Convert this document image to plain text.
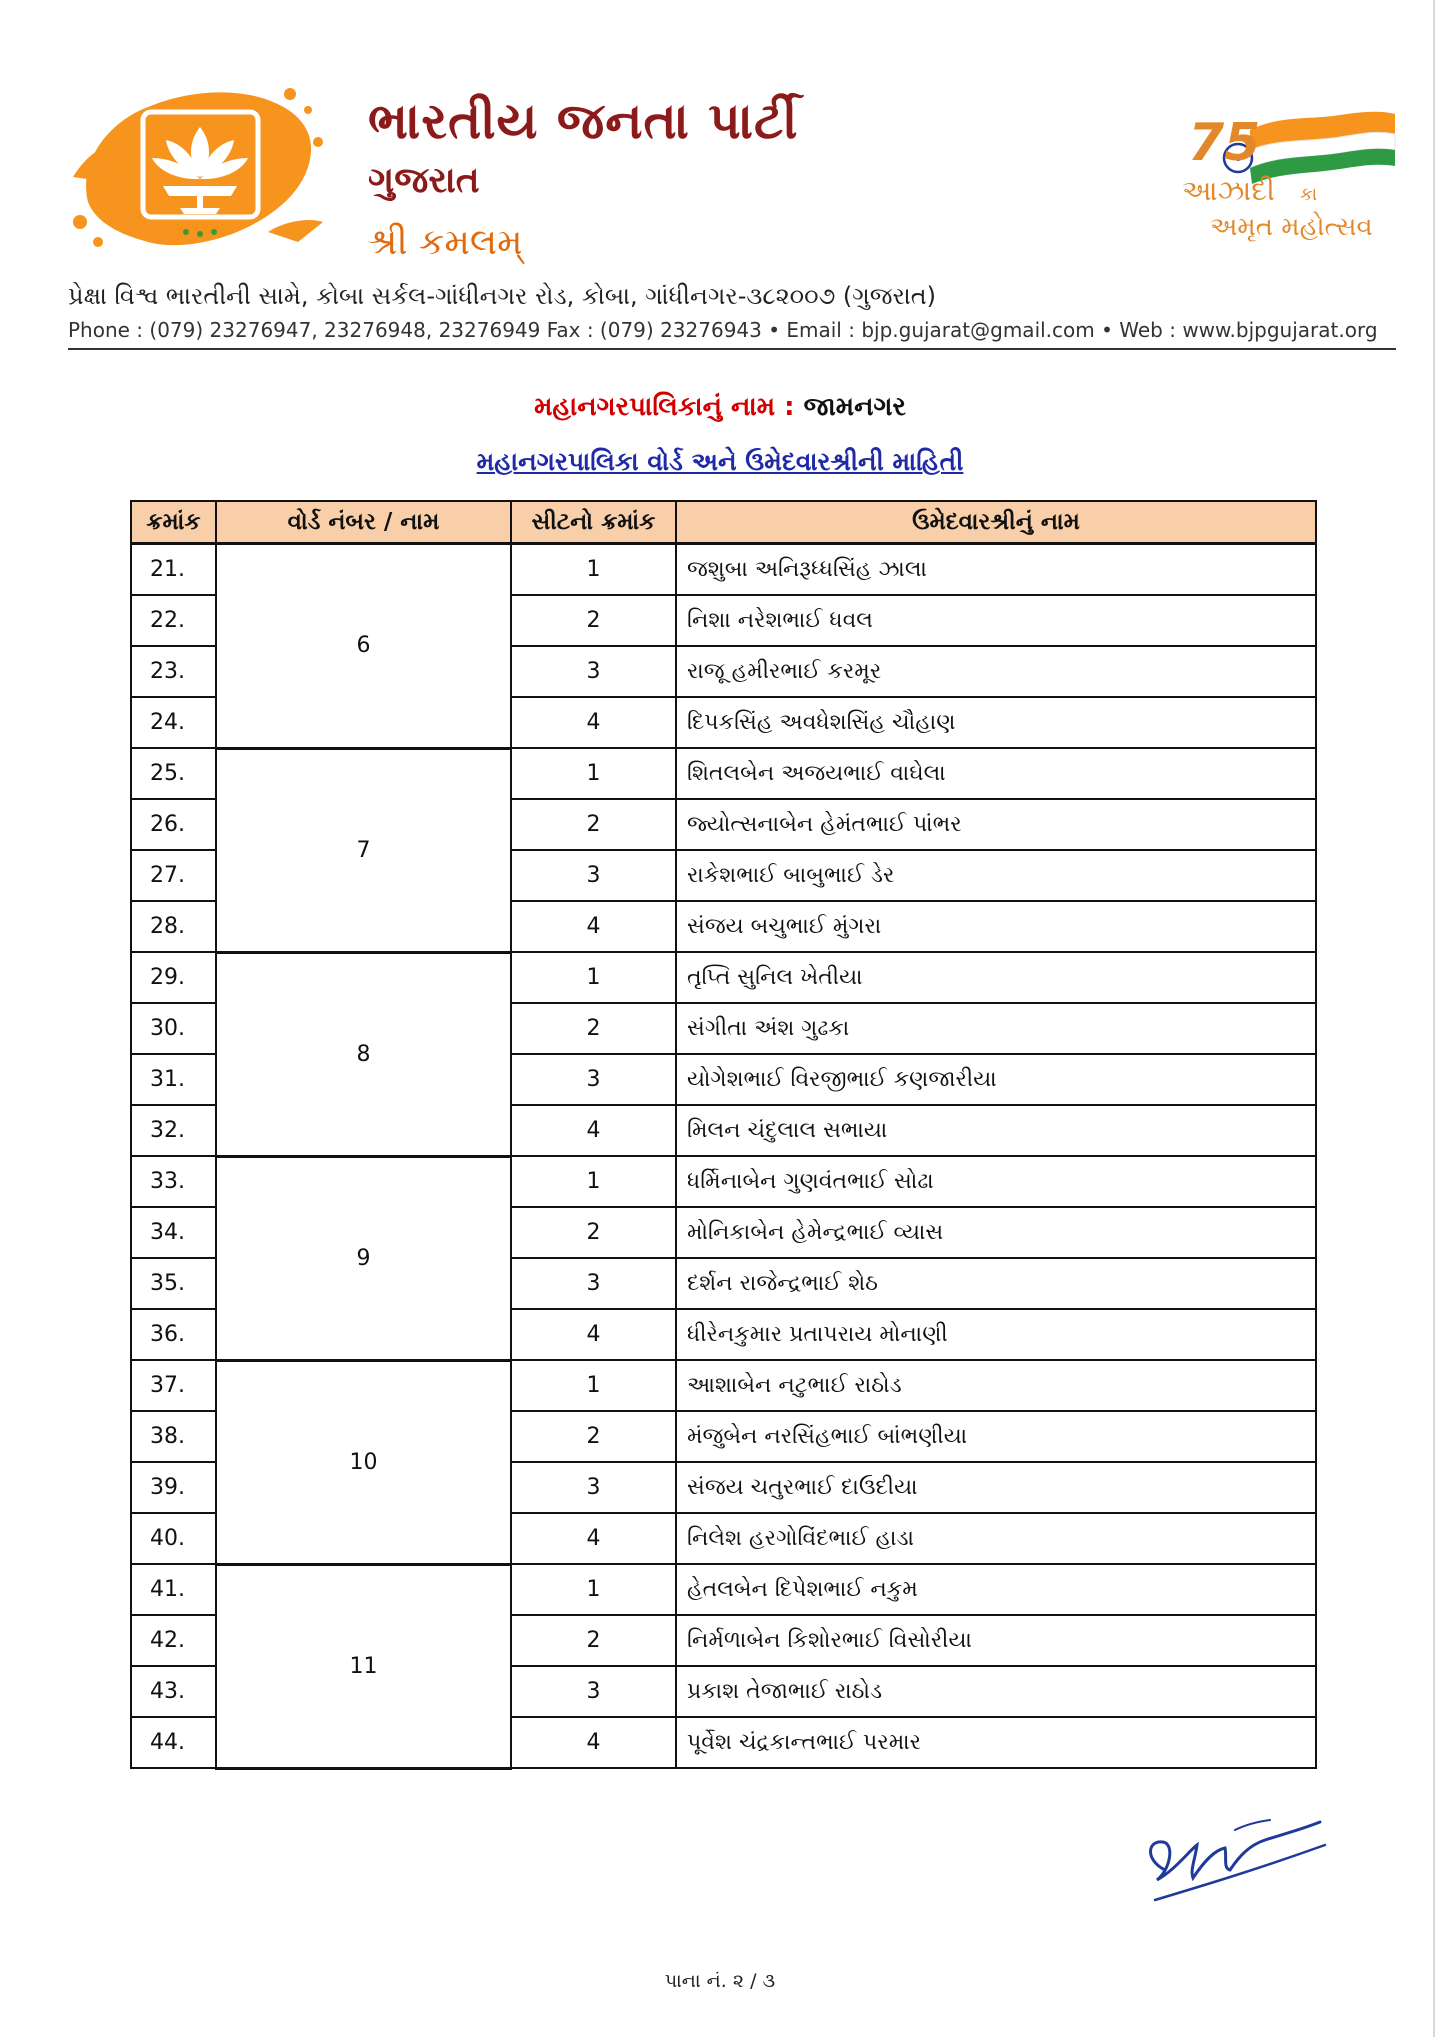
ભારતીય જનતા પાર્ટી
ગુજરાત
શ્રી કમલમ્
75
આઝાદી કા
અમૃત મહોત્સવ
પ્રેક્ષા વિશ્વ ભારતીની સામે, કોબા સર્કલ-ગાંધીનગર રોડ, કોબા, ગાંધીનગર-૩૮૨૦૦૭ (ગુજરાત)
Phone : (079) 23276947, 23276948, 23276949 Fax : (079) 23276943 • Email : bjp.gujarat@gmail.com • Web : www.bjpgujarat.org
મહાનગરપાલિકાનું નામ : જામનગર
મહાનગરપાલિકા વોર્ડ અને ઉમેદવારશ્રીની માહિતી
ક્રમાંક	વોર્ડ નંબર / નામ	સીટનો ક્રમાંક	ઉમેદવારશ્રીનું નામ
21.	6	1	જશુબા અનિરૂધ્ધસિંહ ઝાલા
22.		2	નિશા નરેશભાઈ ધવલ
23.		3	રાજૂ હમીરભાઈ કરમૂર
24.		4	દિપકસિંહ અવધેશસિંહ ચૌહાણ
25.	7	1	શિતલબેન અજયભાઈ વાઘેલા
26.		2	જ્યોત્સનાબેન હેમંતભાઈ પાંભર
27.		3	રાકેશભાઈ બાબુભાઈ ડેર
28.		4	સંજય બચુભાઈ મુંગરા
29.	8	1	તૃપ્તિ સુનિલ ખેતીયા
30.		2	સંગીતા અંશ ગુઢકા
31.		3	યોગેશભાઈ વિરજીભાઈ કણજારીયા
32.		4	મિલન ચંદુલાલ સભાયા
33.	9	1	ધર્મિનાબેન ગુણવંતભાઈ સોઢા
34.		2	મોનિકાબેન હેમેન્દ્રભાઈ વ્યાસ
35.		3	દર્શન રાજેન્દ્રભાઈ શેઠ
36.		4	ધીરેનકુમાર પ્રતાપરાય મોનાણી
37.	10	1	આશાબેન નટુભાઈ રાઠોડ
38.		2	મંજુબેન નરસિંહભાઈ બાંભણીયા
39.		3	સંજય ચતુરભાઈ દાઉદીયા
40.		4	નિલેશ હરગોવિંદભાઈ હાડા
41.	11	1	હેતલબેન દિપેશભાઈ નકુમ
42.		2	નિર્મળાબેન કિશોરભાઈ વિસોરીયા
43.		3	પ્રકાશ તેજાભાઈ રાઠોડ
44.		4	પૂર્વેશ ચંદ્રકાન્તભાઈ પરમાર
પાના નં. ૨ / ૩
